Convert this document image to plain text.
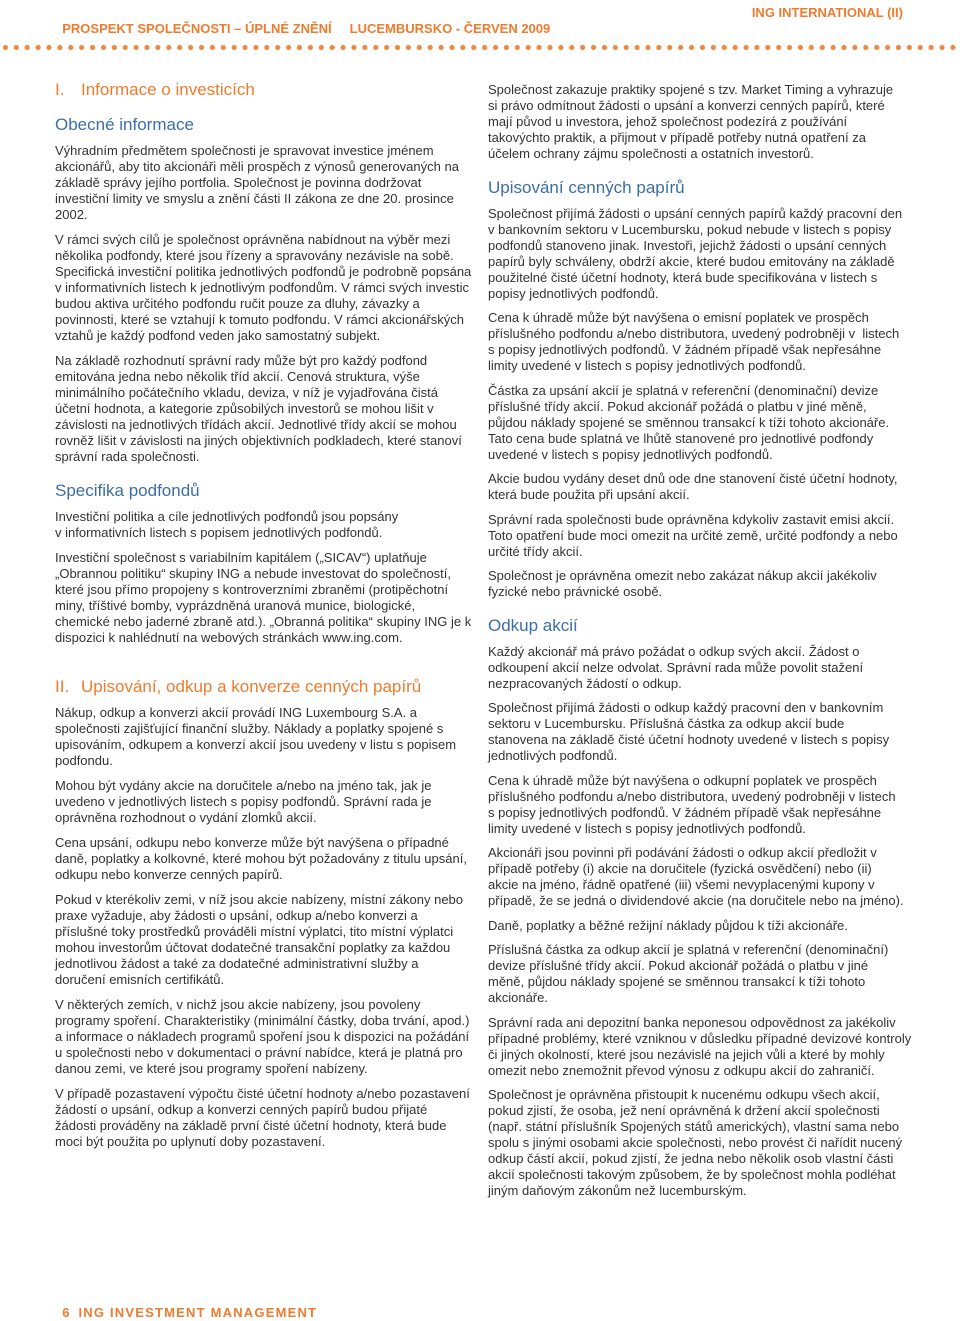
PROSPEKT SPOLEČNOSTI – ÚPLNÉ ZNĚNÍ LUCEMBURSKO - ČERVEN 2009

ING INTERNATIONAL (II)

I. Informace o investicích
Obecné informace
Výhradním předmětem společnosti je spravovat investice jménem
akcionářů, aby tito akcionáři měli prospěch z výnosů generovaných na
základě správy jejího portfolia. Společnost je povinna dodržovat
investiční limity ve smyslu a znění části II zákona ze dne 20. prosince
2002.
V rámci svých cílů je společnost oprávněna nabídnout na výběr mezi
několika podfondy, které jsou řízeny a spravovány nezávisle na sobě.
Specifická investiční politika jednotlivých podfondů je podrobně popsána
v informativních listech k jednotlivým podfondům. V rámci svých investic
budou aktiva určitého podfondu ručit pouze za dluhy, závazky a
povinnosti, které se vztahují k tomuto podfondu. V rámci akcionářských
vztahů je každý podfond veden jako samostatný subjekt.
Na základě rozhodnutí správní rady může být pro každý podfond
emitována jedna nebo několik tříd akcií. Cenová struktura, výše
minimálního počátečního vkladu, deviza, v níž je vyjadřována čistá
účetní hodnota, a kategorie způsobilých investorů se mohou lišit v
závislosti na jednotlivých třídách akcií. Jednotlivé třídy akcií se mohou
rovněž lišit v závislosti na jiných objektivních podkladech, které stanoví
správní rada společnosti.
Specifika podfondů
Investiční politika a cíle jednotlivých podfondů jsou popsány
v informativních listech s popisem jednotlivých podfondů.
Investiční společnost s variabilním kapitálem („SICAV“) uplatňuje
„Obrannou politiku“ skupiny ING a nebude investovat do společností,
které jsou přímo propojeny s kontroverzními zbraněmi (protipěchotní
miny, tříštivé bomby, vyprázdněná uranová munice, biologické,
chemické nebo jaderné zbraně atd.). „Obranná politika“ skupiny ING je k
dispozici k nahlédnutí na webových stránkách www.ing.com.
II. Upisování, odkup a konverze cenných papírů
Nákup, odkup a konverzi akcií provádí ING Luxembourg S.A. a
společnosti zajišťující finanční služby. Náklady a poplatky spojené s
upisováním, odkupem a konverzí akcií jsou uvedeny v listu s popisem
podfondu.
Mohou být vydány akcie na doručitele a/nebo na jméno tak, jak je
uvedeno v jednotlivých listech s popisy podfondů. Správní rada je
oprávněna rozhodnout o vydání zlomků akcií.
Cena upsání, odkupu nebo konverze může být navýšena o případné
daně, poplatky a kolkovné, které mohou být požadovány z titulu upsání,
odkupu nebo konverze cenných papírů.
Pokud v kterékoliv zemi, v níž jsou akcie nabízeny, místní zákony nebo
praxe vyžaduje, aby žádosti o upsání, odkup a/nebo konverzi a
příslušné toky prostředků prováděli místní výplatci, tito místní výplatci
mohou investorům účtovat dodatečné transakční poplatky za každou
jednotlivou žádost a také za dodatečné administrativní služby a
doručení emisních certifikátů.
V některých zemích, v nichž jsou akcie nabízeny, jsou povoleny
programy spoření. Charakteristiky (minimální částky, doba trvání, apod.)
a informace o nákladech programů spoření jsou k dispozici na požádání
u společnosti nebo v dokumentaci o právní nabídce, která je platná pro
danou zemi, ve které jsou programy spoření nabízeny.
V případě pozastavení výpočtu čisté účetní hodnoty a/nebo pozastavení
žádostí o upsání, odkup a konverzi cenných papírů budou přijaté
žádosti prováděny na základě první čisté účetní hodnoty, která bude
moci být použita po uplynutí doby pozastavení.
Společnost zakazuje praktiky spojené s tzv. Market Timing a vyhrazuje
si právo odmítnout žádosti o upsání a konverzi cenných papírů, které
mají původ u investora, jehož společnost podezírá z používání
takovýchto praktik, a přijmout v případě potřeby nutná opatření za
účelem ochrany zájmu společnosti a ostatních investorů.
Upisování cenných papírů
Společnost přijímá žádosti o upsání cenných papírů každý pracovní den
v bankovním sektoru v Lucembursku, pokud nebude v listech s popisy
podfondů stanoveno jinak. Investoři, jejichž žádosti o upsání cenných
papírů byly schváleny, obdrží akcie, které budou emitovány na základě
použitelné čisté účetní hodnoty, která bude specifikována v listech s
popisy jednotlivých podfondů.
Cena k úhradě může být navýšena o emisní poplatek ve prospěch
příslušného podfondu a/nebo distributora, uvedený podrobněji v  listech
s popisy jednotlivých podfondů. V žádném případě však nepřesáhne
limity uvedené v listech s popisy jednotlivých podfondů.
Částka za upsání akcií je splatná v referenční (denominační) devize
příslušné třídy akcií. Pokud akcionář požádá o platbu v jiné měně,
půjdou náklady spojené se směnnou transakcí k tíži tohoto akcionáře.
Tato cena bude splatná ve lhůtě stanovené pro jednotlivé podfondy
uvedené v listech s popisy jednotlivých podfondů.
Akcie budou vydány deset dnů ode dne stanovení čisté účetní hodnoty,
která bude použita při upsání akcií.
Správní rada společnosti bude oprávněna kdykoliv zastavit emisi akcií.
Toto opatření bude moci omezit na určité země, určité podfondy a nebo
určité třídy akcií.
Společnost je oprávněna omezit nebo zakázat nákup akcií jakékoliv
fyzické nebo právnické osobě.
Odkup akcií
Každý akcionář má právo požádat o odkup svých akcií. Žádost o
odkoupení akcií nelze odvolat. Správní rada může povolit stažení
nezpracovaných žádostí o odkup.
Společnost přijímá žádosti o odkup každý pracovní den v bankovním
sektoru v Lucembursku. Příslušná částka za odkup akcií bude
stanovena na základě čisté účetní hodnoty uvedené v listech s popisy
jednotlivých podfondů.
Cena k úhradě může být navýšena o odkupní poplatek ve prospěch
příslušného podfondu a/nebo distributora, uvedený podrobněji v listech
s popisy jednotlivých podfondů. V žádném případě však nepřesáhne
limity uvedené v listech s popisy jednotlivých podfondů.
Akcionáři jsou povinni při podávání žádosti o odkup akcií předložit v
případě potřeby (i) akcie na doručitele (fyzická osvědčení) nebo (ii)
akcie na jméno, řádně opatřené (iii) všemi nevyplacenými kupony v
případě, že se jedná o dividendové akcie (na doručitele nebo na jméno).
Daně, poplatky a běžné režijní náklady půjdou k tíži akcionáře.
Příslušná částka za odkup akcií je splatná v referenční (denominační)
devize příslušné třídy akcií. Pokud akcionář požádá o platbu v jiné
měně, půjdou náklady spojené se směnnou transakcí k tíži tohoto
akcionáře.
Správní rada ani depozitní banka neponesou odpovědnost za jakékoliv
případné problémy, které vzniknou v důsledku případné devizové kontroly
či jiných okolností, které jsou nezávislé na jejich vůli a které by mohly
omezit nebo znemožnit převod výnosu z odkupu akcií do zahraničí.
Společnost je oprávněna přistoupit k nucenému odkupu všech akcií,
pokud zjistí, že osoba, jež není oprávněná k držení akcií společnosti
(např. státní příslušník Spojených států amerických), vlastní sama nebo
spolu s jinými osobami akcie společnosti, nebo provést či nařídit nucený
odkup částí akcií, pokud zjistí, že jedna nebo několik osob vlastní části
akcií společnosti takovým způsobem, že by společnost mohla podléhat
jiným daňovým zákonům než lucemburským.

6 ING INVESTMENT MANAGEMENT
